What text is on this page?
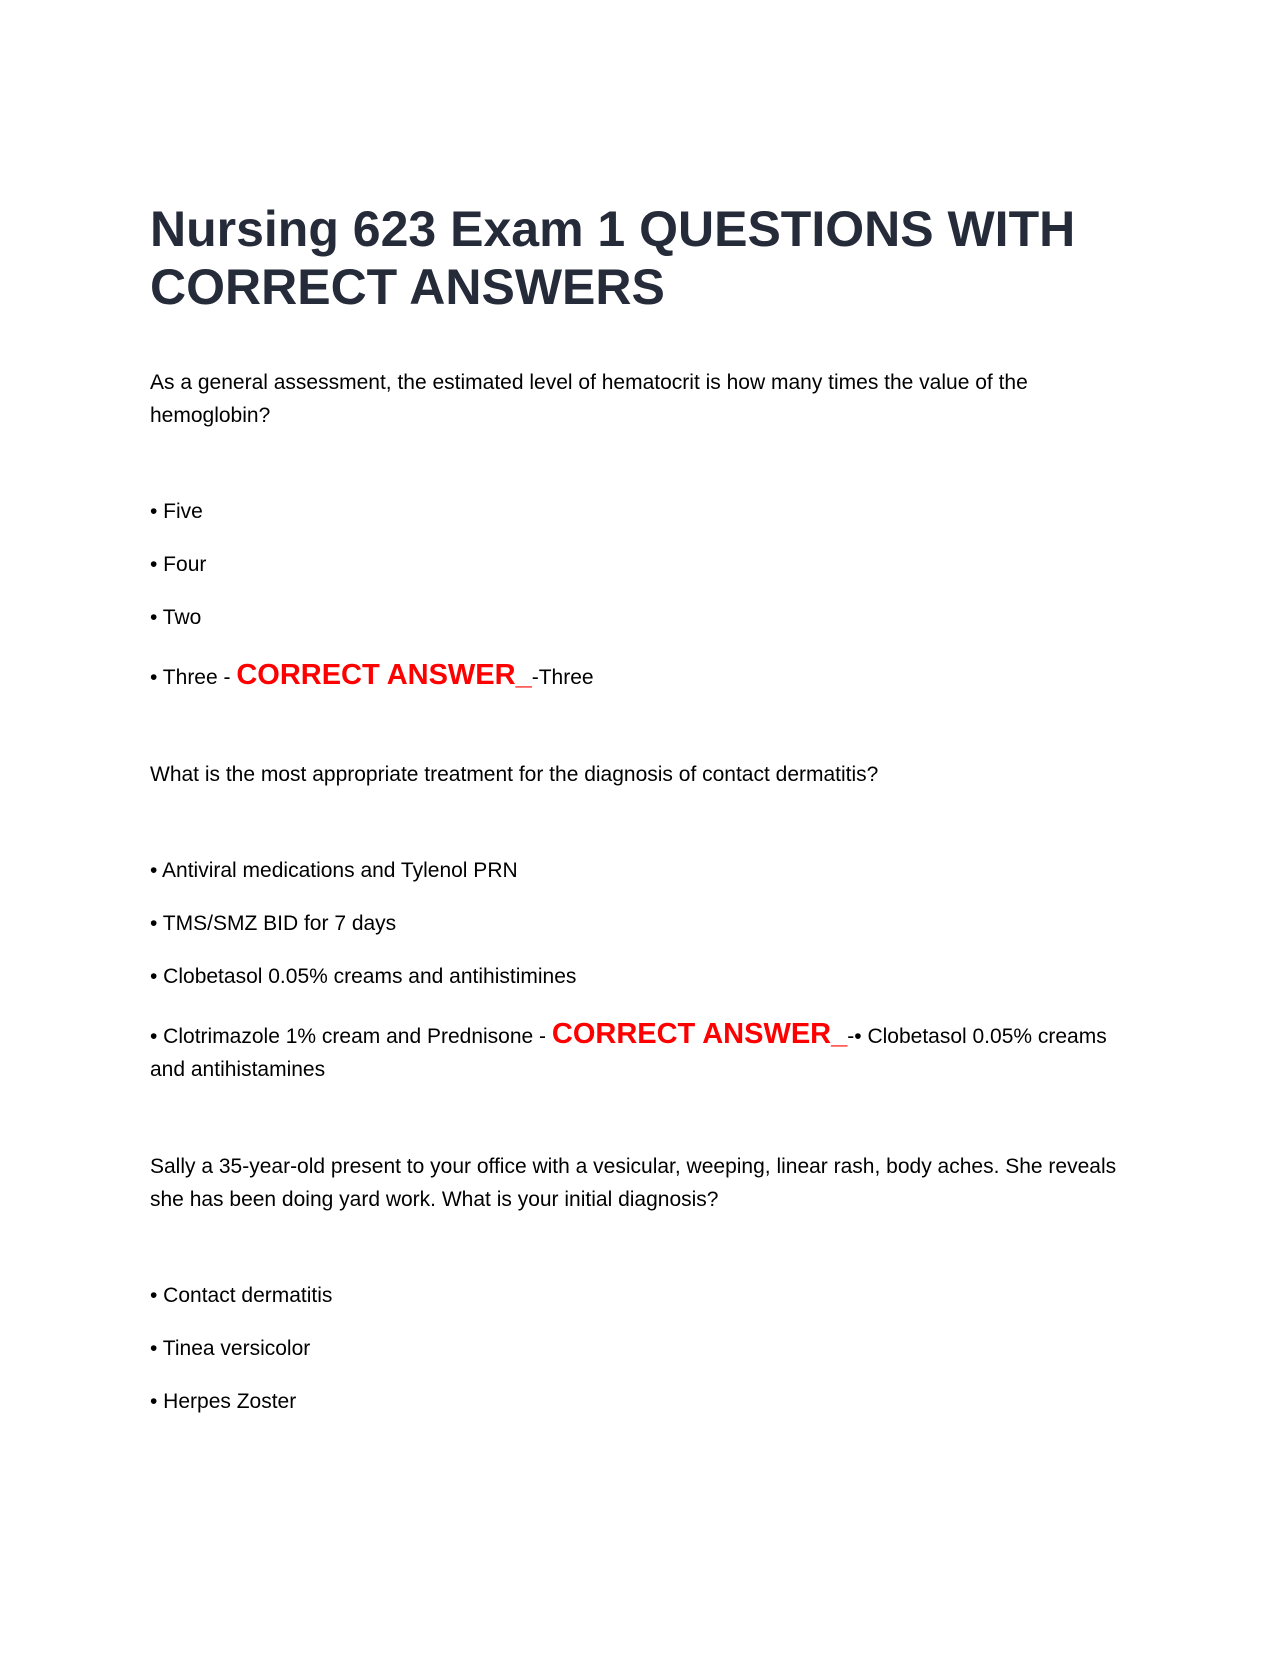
Nursing 623 Exam 1 QUESTIONS WITH CORRECT ANSWERS

As a general assessment, the estimated level of hematocrit is how many times the value of the hemoglobin?

• Five
• Four
• Two
• Three - CORRECT ANSWER_-Three

What is the most appropriate treatment for the diagnosis of contact dermatitis?

• Antiviral medications and Tylenol PRN
• TMS/SMZ BID for 7 days
• Clobetasol 0.05% creams and antihistimines
• Clotrimazole 1% cream and Prednisone - CORRECT ANSWER_-• Clobetasol 0.05% creams and antihistamines

Sally a 35-year-old present to your office with a vesicular, weeping, linear rash, body aches. She reveals she has been doing yard work. What is your initial diagnosis?

• Contact dermatitis
• Tinea versicolor
• Herpes Zoster
